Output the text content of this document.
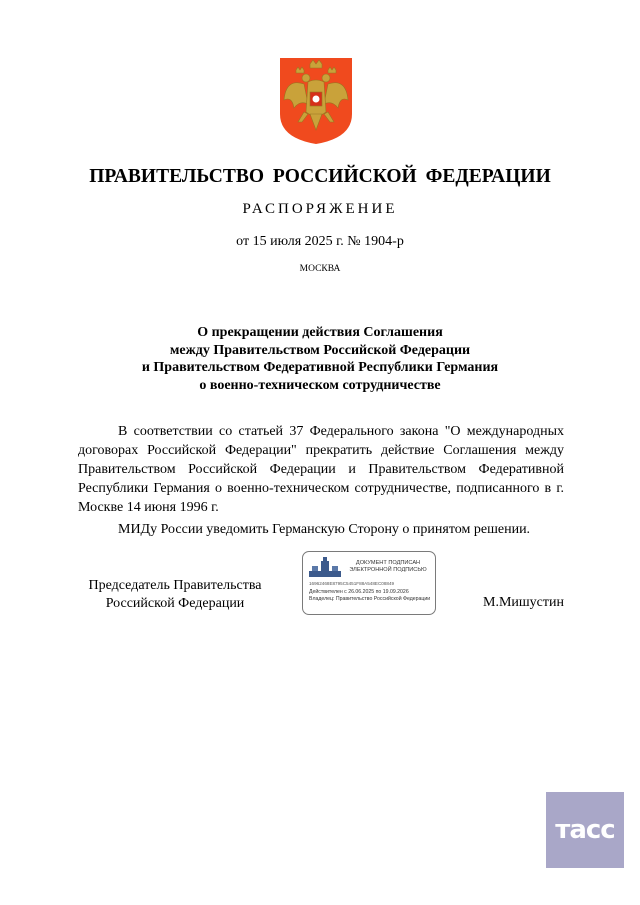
ПРАВИТЕЛЬСТВО РОССИЙСКОЙ ФЕДЕРАЦИИ
РАСПОРЯЖЕНИЕ
от 15 июля 2025 г. № 1904-р
МОСКВА
О прекращении действия Соглашения
между Правительством Российской Федерации
и Правительством Федеративной Республики Германия
о военно-техническом сотрудничестве
В соответствии со статьей 37 Федерального закона "О международных договорах Российской Федерации" прекратить действие Соглашения между Правительством Российской Федерации и Правительством Федеративной Республики Германия о военно-техническом сотрудничестве, подписанного в г. Москве 14 июня 1996 г.
МИДу России уведомить Германскую Сторону о принятом решении.
Председатель Правительства
Российской Федерации
ДОКУМЕНТ ПОДПИСАН
ЭЛЕКТРОННОЙ ПОДПИСЬЮ
16962468E8795C5451F88A548EC08849
Действителен с 26.06.2025 по 19.09.2026
Владелец: Правительство Российской Федерации	М.Мишустин
тасс
